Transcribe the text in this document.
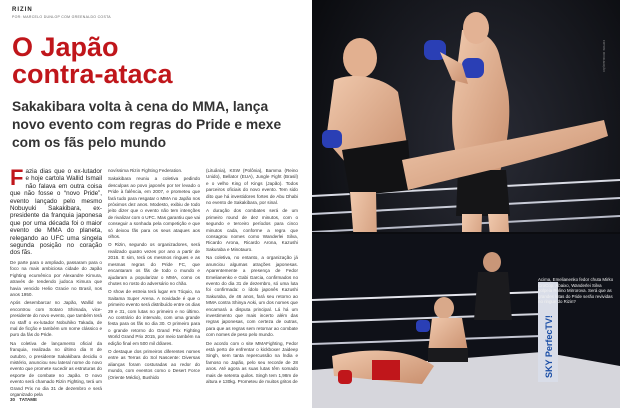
RIZIN
POR: MARCELO DUNLOP COM GREENALDO COSTA
O Japão
contra-ataca
Sakakibara volta à cena do MMA, lança novo evento com regras do Pride e mexe com os fãs pelo mundo

Fazia dias que o ex-lutador e hoje cartola Wallid Ismail não falava em outra coisa que não fosse o “novo Pride”, evento lançado pelo mesmo Nobuyuki Sakakibara, ex-presidente da franquia japonesa que por uma década foi o maior evento de MMA do planeta, relegando ao UFC uma singela segunda posição no coração dos fãs.

De parte para o ampliado, passaram para o foco na mais ambiciosa cidade do Japão Fighting ecumênico por Alexandre Kimura, através de tendendo judoca Kimura que havia vencido Helio Gracie no Brasil, nos anos 1950.

Após desembarcar no Japão, Wallid se encontrou com Sotaro Shimada, vice-presidente do novo evento, que também terá no staff o ex-lutador Nobuhiko Takada, de mal de ficção e também um nome clássico e puro da fás do Pride.

Na coletiva de lançamento oficial da franquia, realizada no último dia 8 de outubro, o presidente Sakakibara decidiu o mistério, anunciou seu lateral nome do novo evento que promete sucedir as estruturas do esporte de combate no Japão. O novo evento será chamado Rizin Fighting, terá um Grand Prix no dia 31 de dezembro e será organizado pela

novíssima Rizin Fighting Federation.

Sakakibara reuniu a coletiva pedindo desculpas ao povo japonês por ter levado o Pride à falência, em 2007, e prometeu que fará tudo para resgatar o MMA no Japão nos próximos dez anos. Modesto, exibiu de todo jeito dizer que o evento não tem intenções de rivalizar com o UFC. Mas garantiu que vai conseguir a sonhada pela competição e que só deixou fãs para os seus ataques aos olhos.

O Rizin, segundo os organizadores, será realizado quatro vezes por ano a partir de 2016. E sim, terá os mesmos ringues e as mesmas regras do Pride FC, que encantaram os fãs de todo o mundo e ajudaram a popularizar o MMA, como os chutes no rosto do adversário no chão.

O show de estreia terá lugar em Tóquio, na Saitama Super Arena. A novidade é que o primeiro evento será distribuído entre os dias 29 e 31, com lutas no primeiro e no último. Ao contrário do intervalo, com uma grande festa para os fãs no dia 30. O primeiro para o grande retorno do Grand Prix Fighting World Grand Prix 2015, por meio também na edição final em 500 mil dólares.

O destaque dos primeiros diferentes nomes entre as Terras do Sol Nascente: Diversas alianças foram costuradas ao redor do mundo, com eventos como o Desert Force (Oriente Médio), Bushido

(Lituânia), KSW (Polônia), Bamma (Reino Unido), Bellator (EUA), Jungle Fight (Brasil) e o velho King of Kings (Japão). Todos parceiros oficiais do novo evento. Tem sido dito que há investidores fortes de Abu Dhabi no evento de Sakakibara, por sinal.

A duração dos combates será de um primeiro round de dez minutos, com o segundo e terceiro períodos para cinco minutos cada, conforme a regra que consagrou nomes como Wanderlei Silva, Ricardo Arona, Ricardo Arona, Kazushi Sakuraba e Minotauro.

Na coletiva, no entanto, a organização já anunciou algumas atrações japonesas. Aparentemente a presença de Fedor Emelianenko e Gabi Garcia, confirmados no evento do dia 31 de dezembro, só uma luta foi confirmada: o ídolo japonês Kazushi Sakuraba, de 46 anos, fará seu retorno ao MMA contra Shinya Aoki, um dos nomes que encarnará a disputa principal. Lá há um investimento que mais incerto além das regras japonesas, com certeza de outras, para que as regras sem retornar ao combate com nomes de peso pelo mundo.

De acordo com o site MMAFighting, Fedor está perto de enfrentar o kickboxer Jaideep Singh, sem tanta repercussão na Índia e famoso no Japão, pelo seu recorde de 28 anos. Até agora as suas lutas têm somado mais de setenta quilos. Singh tem 1,98m de altura e 130kg. Prometeu de muitos gritos de

30 TATAME
SKY PerfecTV!
Acima, Emelianenko fedor chuta Mirko CroCop. Abaixo, Wanderlei Silva golpeia Rolino Mirrorova. Será que as grandes lutas do Pride serão revividas no ringue do Rizin?
FOTOS: DIVULGAÇÃO
